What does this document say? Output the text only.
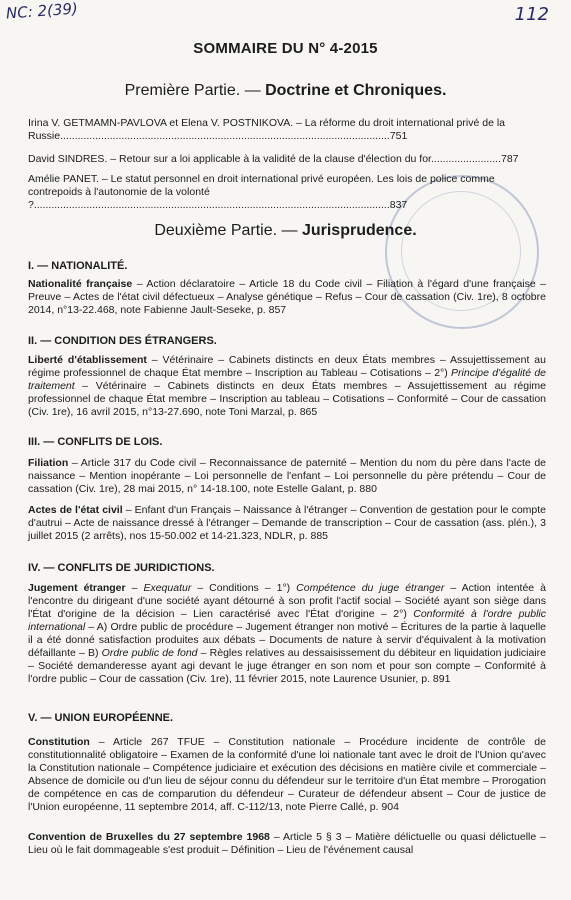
NC: 2(39)	112
SOMMAIRE DU N° 4-2015
Première Partie. — Doctrine et Chroniques.
Irina V. GETMAMN-PAVLOVA et Elena V. POSTNIKOVA. – La réforme du droit international privé de la Russie.................................................................................................................751
David SINDRES. – Retour sur a loi applicable à la validité de la clause d'élection du for........................787
Amélie PANET. – Le statut personnel en droit international privé européen. Les lois de police comme contrepoids à l'autonomie de la volonté ?..........................................................................................................................837
Deuxième Partie. — Jurisprudence.
I. — NATIONALITÉ.
Nationalité française – Action déclaratoire – Article 18 du Code civil – Filiation à l'égard d'une française – Preuve – Actes de l'état civil défectueux – Analyse génétique – Refus – Cour de cassation (Civ. 1re), 8 octobre 2014, n°13-22.468, note Fabienne Jault-Seseke, p. 857
II. — CONDITION DES ÉTRANGERS.
Liberté d'établissement – Vétérinaire – Cabinets distincts en deux États membres – Assujettissement au régime professionnel de chaque État membre – Inscription au Tableau – Cotisations – 2°) Principe d'égalité de traitement – Vétérinaire – Cabinets distincts en deux États membres – Assujettissement au régime professionnel de chaque État membre – Inscription au tableau – Cotisations – Conformité – Cour de cassation (Civ. 1re), 16 avril 2015, n°13-27.690, note Toni Marzal, p. 865
III. — CONFLITS DE LOIS.
Filiation – Article 317 du Code civil – Reconnaissance de paternité – Mention du nom du père dans l'acte de naissance – Mention inopérante – Loi personnelle de l'enfant – Loi personnelle du père prétendu – Cour de cassation (Civ. 1re), 28 mai 2015, n° 14-18.100, note Estelle Galant, p. 880
Actes de l'état civil – Enfant d'un Français – Naissance à l'étranger – Convention de gestation pour le compte d'autrui – Acte de naissance dressé à l'étranger – Demande de transcription – Cour de cassation (ass. plén.), 3 juillet 2015 (2 arrêts), nos 15-50.002 et 14-21.323, NDLR, p. 885
IV. — CONFLITS DE JURIDICTIONS.
Jugement étranger – Exequatur – Conditions – 1°) Compétence du juge étranger – Action intentée à l'encontre du dirigeant d'une société ayant détourné à son profit l'actif social – Société ayant son siège dans l'État d'origine de la décision – Lien caractérisé avec l'État d'origine – 2°) Conformité à l'ordre public international – A) Ordre public de procédure – Jugement étranger non motivé – Écritures de la partie à laquelle il a été donné satisfaction produites aux débats – Documents de nature à servir d'équivalent à la motivation défaillante – B) Ordre public de fond – Règles relatives au dessaisissement du débiteur en liquidation judiciaire – Société demanderesse ayant agi devant le juge étranger en son nom et pour son compte – Conformité à l'ordre public – Cour de cassation (Civ. 1re), 11 février 2015, note Laurence Usunier, p. 891
V. — UNION EUROPÉENNE.
Constitution – Article 267 TFUE – Constitution nationale – Procédure incidente de contrôle de constitutionnalité obligatoire – Examen de la conformité d'une loi nationale tant avec le droit de l'Union qu'avec la Constitution nationale – Compétence judiciaire et exécution des décisions en matière civile et commerciale – Absence de domicile ou d'un lieu de séjour connu du défendeur sur le territoire d'un État membre – Prorogation de compétence en cas de comparution du défendeur – Curateur de défendeur absent – Cour de justice de l'Union européenne, 11 septembre 2014, aff. C-112/13, note Pierre Callé, p. 904
Convention de Bruxelles du 27 septembre 1968 – Article 5 § 3 – Matière délictuelle ou quasi délictuelle – Lieu où le fait dommageable s'est produit – Définition – Lieu de l'événement causal
